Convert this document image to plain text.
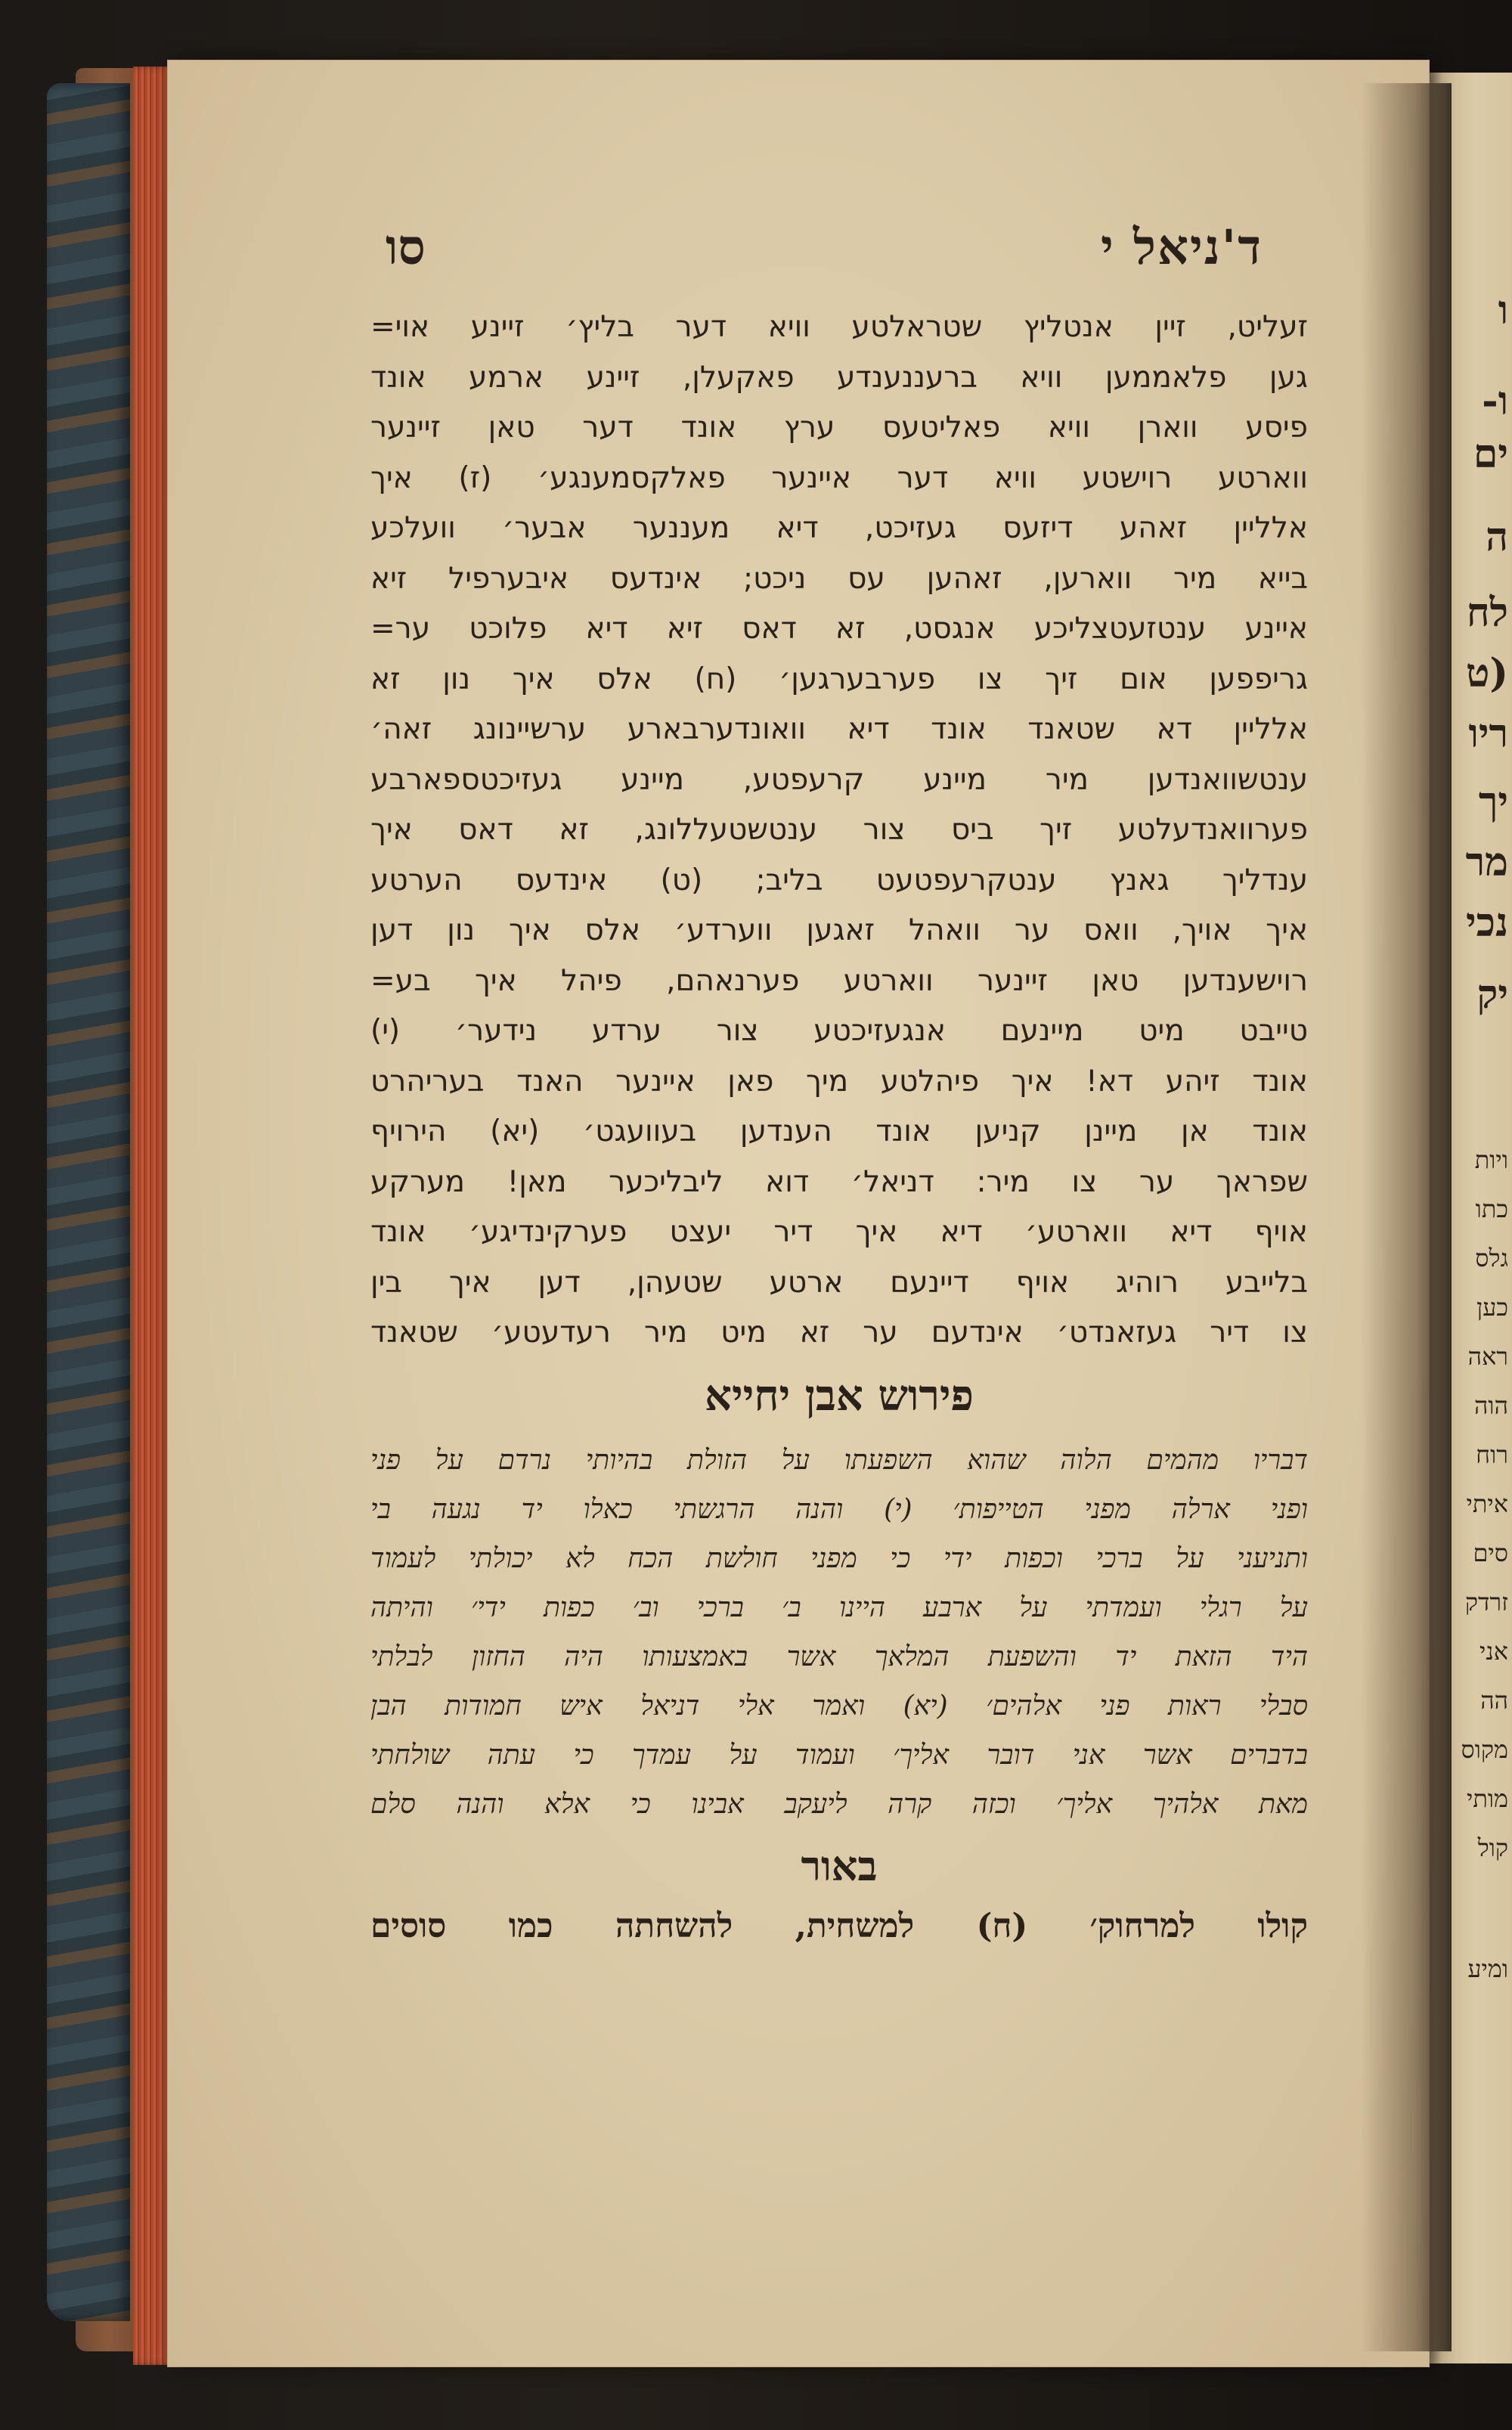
ד'ניאל י
סו
זעליט, זיין אנטליץ שטראלטע וויא דער בליץ׳ זיינע אוי=
גען פלאממען וויא ברעננענדע פאקעלן, זיינע ארמע אונד
פיסע ווארן וויא פאליטעס ערץ אונד דער טאן זיינער
ווארטע רוישטע וויא דער איינער פאלקסמענגע׳ (ז) איך
אלליין זאהע דיזעס געזיכט, דיא מעננער אבער׳ וועלכע
בייא מיר ווארען, זאהען עס ניכט; אינדעס איבערפיל זיא
איינע ענטזעטצליכע אנגסט, זא דאס זיא דיא פלוכט ער=
גריפפען אום זיך צו פערבערגען׳ (ח) אלס איך נון זא
אלליין דא שטאנד אונד דיא וואונדערבארע ערשיינונג זאה׳
ענטשוואנדען מיר מיינע קרעפטע, מיינע געזיכטספארבע
פערוואנדעלטע זיך ביס צור ענטשטעללונג, זא דאס איך
ענדליך גאנץ ענטקרעפטעט בליב; (ט) אינדעס הערטע
איך אויך, וואס ער וואהל זאגען ווערדע׳ אלס איך נון דען
רוישענדען טאן זיינער ווארטע פערנאהם, פיהל איך בע=
טייבט מיט מיינעם אנגעזיכטע צור ערדע נידער׳ (י)
אונד זיהע דא! איך פיהלטע מיך פאן איינער האנד בעריהרט
אונד אן מיינן קניען אונד הענדען בעוועגט׳ (יא) הירויף
שפראך ער צו מיר: דניאל׳ דוא ליבליכער מאן! מערקע
אויף דיא ווארטע׳ דיא איך דיר יעצט פערקינדיגע׳ אונד
בלייבע רוהיג אויף דיינעם ארטע שטעהן, דען איך בין
צו דיר געזאנדט׳ אינדעם ער זא מיט מיר רעדעטע׳ שטאנד
פירוש אבן יחייא
דבריו מהמים הלוה שהוא השפעתו על הזולת בהיותי נרדם על פני
ופני ארלה מפני הטייפות׳ (י) והנה הרגשתי כאלו יד נגעה בי
ותניעני על ברכי וכפות ידי כי מפני חולשת הכח לא יכולתי לעמוד
על רגלי ועמדתי על ארבע היינו ב׳ ברכי וב׳ כפות ידי׳ והיתה
היד הזאת יד והשפעת המלאך אשר באמצעותו היה החזון לבלתי
סבלי ראות פני אלהים׳ (יא) ואמר אלי דניאל איש חמודות הבן
בדברים אשר אני דובר אליך׳ ועמוד על עמדך כי עתה שולחתי
מאת אלהיך אליך׳ וכזה קרה ליעקב אבינו כי אלא והנה סלם
באור
קולו למרחוק׳ (ח) למשחית, להשחתה כמו סוסים
ו
ו-
ים
ה
לח
(ט
ריו
יך
מר
נכי
יק
ויות
כתו
גלס
כען
ראה
הוה
רוח
איתי
סים
זרדק
אני
הה
מקוס
מותי
קול
ומיע
